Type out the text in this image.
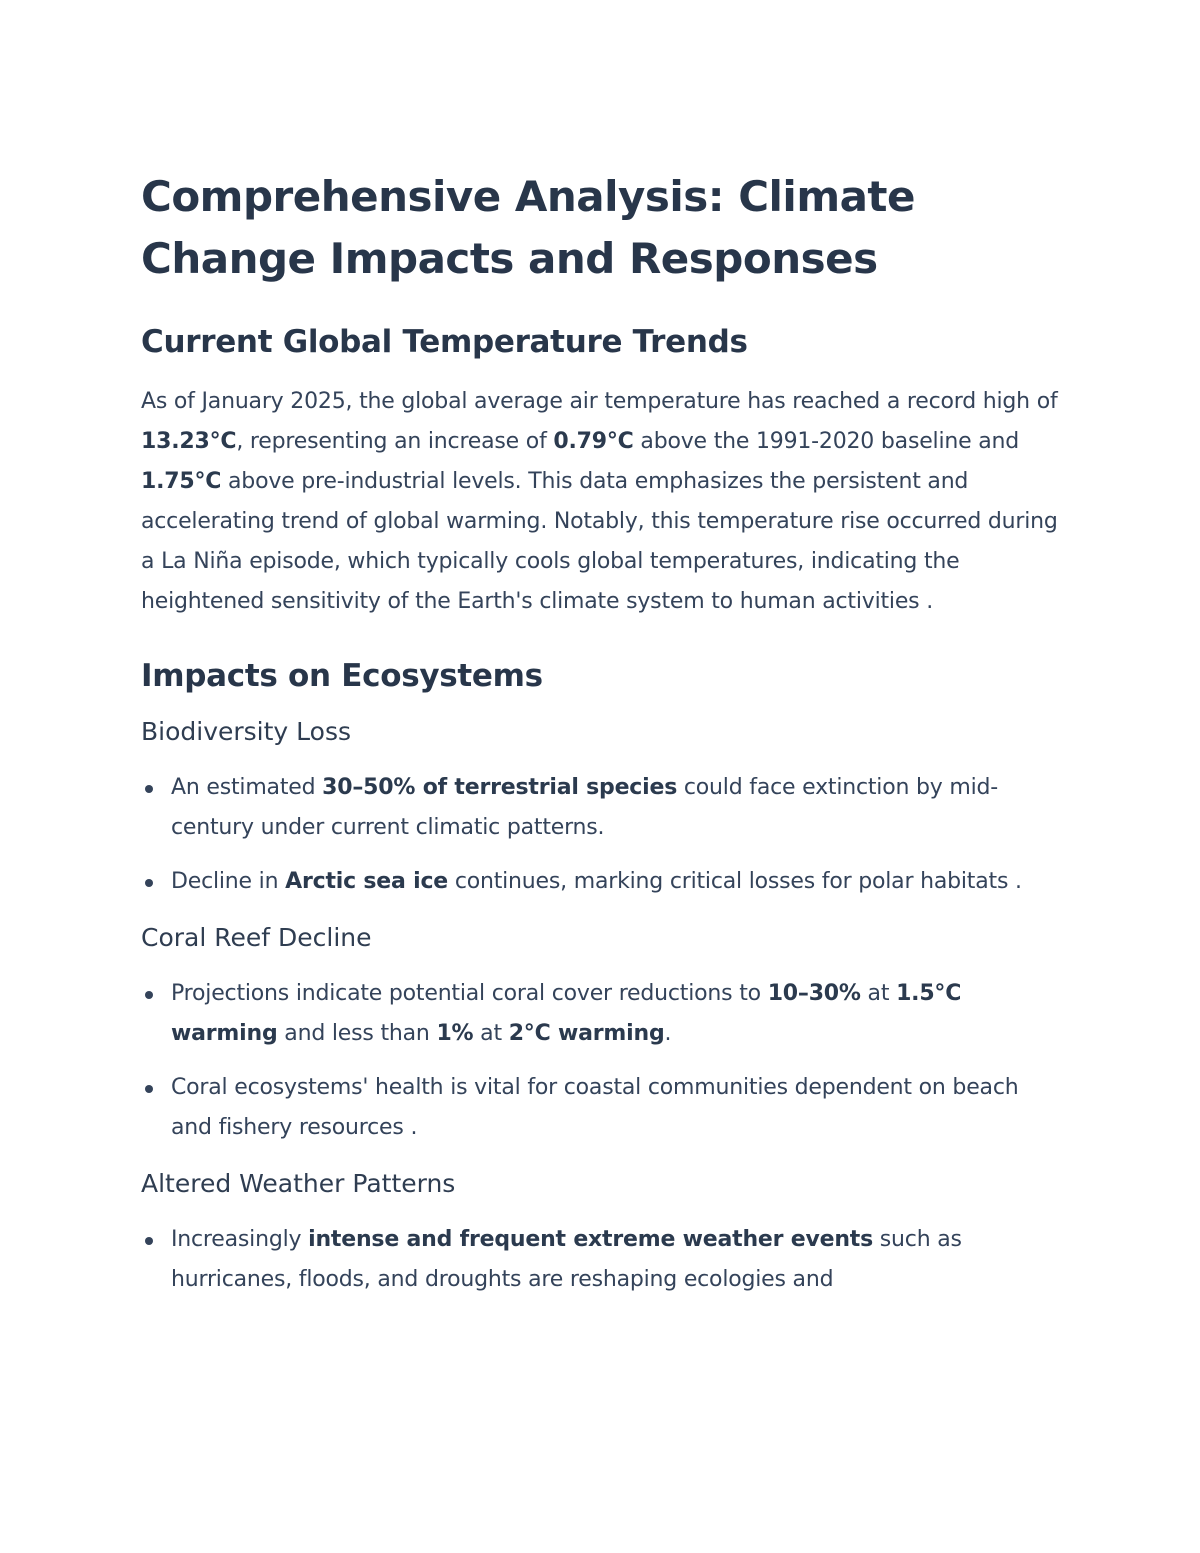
Comprehensive Analysis: Climate Change Impacts and Responses
Current Global Temperature Trends

As of January 2025, the global average air temperature has reached a record high of 13.23°C, representing an increase of 0.79°C above the 1991-2020 baseline and 1.75°C above pre-industrial levels. This data emphasizes the persistent and accelerating trend of global warming. Notably, this temperature rise occurred during a La Niña episode, which typically cools global temperatures, indicating the heightened sensitivity of the Earth's climate system to human activities .

Impacts on Ecosystems
Biodiversity Loss
An estimated 30–50% of terrestrial species could face extinction by mid-century under current climatic patterns.
Decline in Arctic sea ice continues, marking critical losses for polar habitats .
Coral Reef Decline
Projections indicate potential coral cover reductions to 10–30% at 1.5°C warming and less than 1% at 2°C warming.
Coral ecosystems' health is vital for coastal communities dependent on beach and fishery resources .
Altered Weather Patterns
Increasingly intense and frequent extreme weather events such as hurricanes, floods, and droughts are reshaping ecologies and
